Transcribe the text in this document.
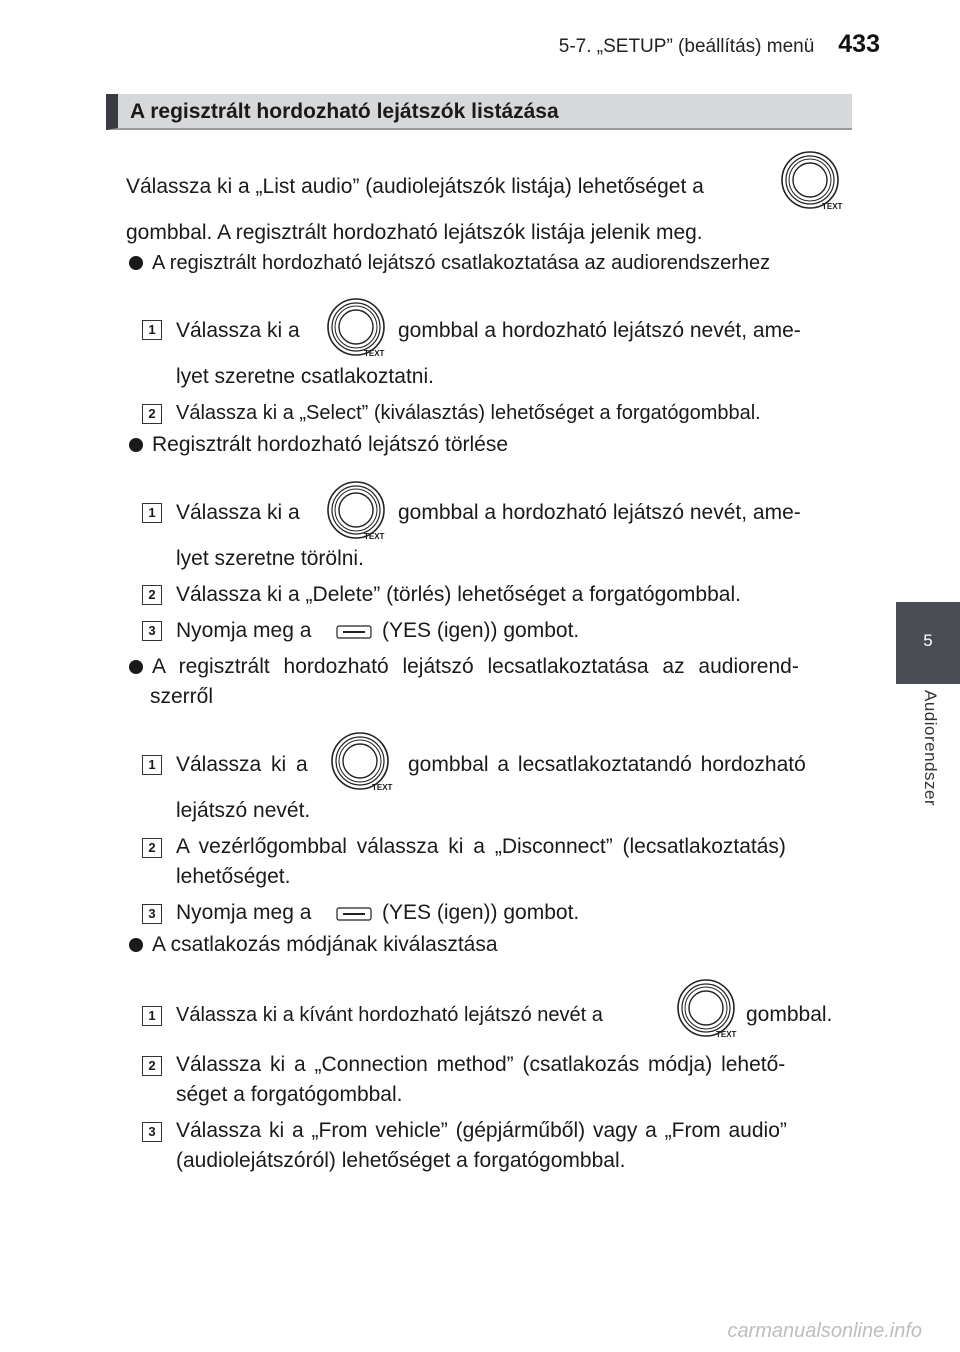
5-7. „SETUP” (beállítás) menü 433
5
Audiorendszer
A regisztrált hordozható lejátszók listázása
Válassza ki a „List audio” (audiolejátszók listája) lehetőséget a
TEXT
gombbal. A regisztrált hordozható lejátszók listája jelenik meg.
A regisztrált hordozható lejátszó csatlakoztatása az audiorendszerhez
1 Válassza ki a
TEXT
gombbal a hordozható lejátszó nevét, ame-
lyet szeretne csatlakoztatni.
2	Válassza ki a „Select” (kiválasztás) lehetőséget a forgatógombbal.
Regisztrált hordozható lejátszó törlése
1 Válassza ki a
TEXT
gombbal a hordozható lejátszó nevét, ame-
lyet szeretne törölni.
2 Válassza ki a „Delete” (törlés) lehetőséget a forgatógombbal.
3 Nyomja meg a	(YES (igen)) gombot.
A regisztrált hordozható lejátszó lecsatlakoztatása az audiorend-
szerről
1 Válassza ki a
TEXT
gombbal a lecsatlakoztatandó hordozható
lejátszó nevét.
2 A vezérlőgombbal válassza ki a „Disconnect” (lecsatlakoztatás)
lehetőséget.
3 Nyomja meg a	(YES (igen)) gombot.
A csatlakozás módjának kiválasztása
1	Válassza ki a kívánt hordozható lejátszó nevét a
TEXT
gombbal.
2 Válassza ki a „Connection method” (csatlakozás módja) lehető-
séget a forgatógombbal.
3 Válassza ki a „From vehicle” (gépjárműből) vagy a „From audio”
(audiolejátszóról) lehetőséget a forgatógombbal.
carmanualsonline.info
